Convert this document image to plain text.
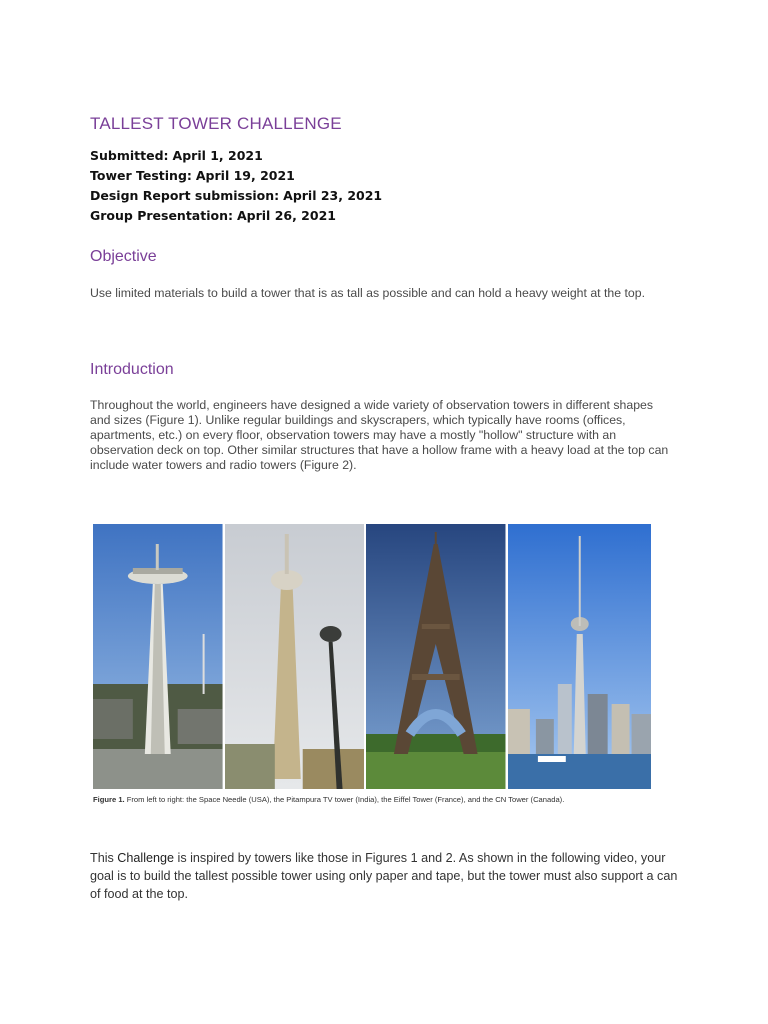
TALLEST TOWER CHALLENGE
Submitted: April 1, 2021
Tower Testing: April 19, 2021
Design Report submission: April 23, 2021
Group Presentation: April 26, 2021
Objective
Use limited materials to build a tower that is as tall as possible and can hold a heavy weight at the top.
Introduction
Throughout the world, engineers have designed a wide variety of observation towers in different shapes and sizes (Figure 1). Unlike regular buildings and skyscrapers, which typically have rooms (offices, apartments, etc.) on every floor, observation towers may have a mostly "hollow" structure with an observation deck on top. Other similar structures that have a hollow frame with a heavy load at the top can include water towers and radio towers (Figure 2).
Figure 1. From left to right: the Space Needle (USA), the Pitampura TV tower (India), the Eiffel Tower (France), and the CN Tower (Canada).
This Challenge is inspired by towers like those in Figures 1 and 2. As shown in the following video, your goal is to build the tallest possible tower using only paper and tape, but the tower must also support a can of food at the top.
